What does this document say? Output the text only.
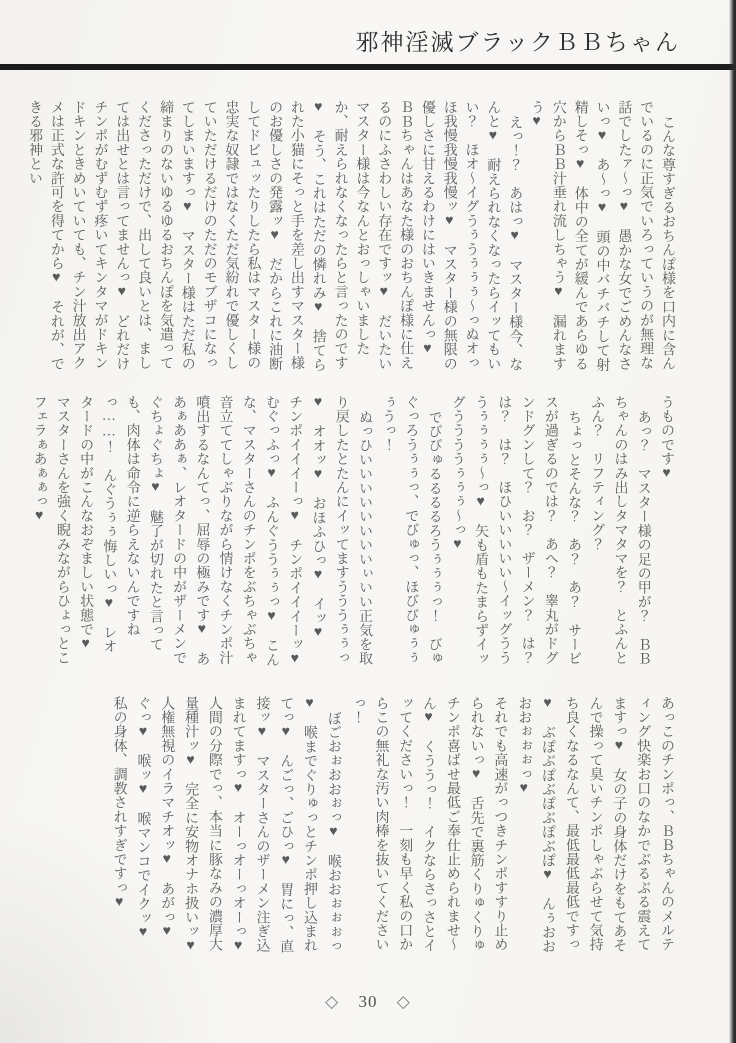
邪神淫滅ブラックＢＢちゃん

こんな尊すぎるおちんぽ様を口内に含んでいるのに正気でいろっていうのが無理な話でしたァ〜っ♥　愚かな女でごめんなさいっ♥　あ〜っ♥　頭の中バチバチして射精しそっ♥　体中の全てが緩んであらゆる穴からＢＢ汁垂れ流しちゃう♥　漏れますう♥

えっ！？　あはっ♥　マスター様今、なんと♥　耐えられなくなったらイッてもいい？　ほオ〜イグうぅうぅぅぅ〜っぬオっほ我慢我慢我慢ッ♥　マスター様の無限の優しさに甘えるわけにはいきませんっ♥　ＢＢちゃんはあなた様のおちんぽ様に仕えるのにふさわしい存在ですッ♥　だいたいマスター様は今なんとおっしゃいましたか、耐えられなくなったらと言ったのです♥　そう、これはただの憐れみ♥　捨てられた小猫にそっと手を差し出すマスター様のお優しさの発露ッ♥　だからこれに油断してドビュッたりしたら私はマスター様の忠実な奴隷ではなくただ気紛れで優しくしていただけるだけのただのモブザコになってしまいますっ♥　マスター様はただ私の締まりのないゆるゆるおちんぽを気遣ってくださっただけで、出して良いとは、ましては出せとは言ってませんっ♥　どれだけチンポがむずむず疼いてキンタマがドキンドキンときめいていても、チン汁放出アクメは正式な許可を得てから♥　それが、できる邪神とい

うものです♥

あっ？　マスター様の足の甲が？　ＢＢちゃんのはみ出しタマタマを？　とふんとふん？　リフティング？

ちょっとそんな？　あ？　あ？　サービスが過ぎるのでは？　あへ？　睾丸がドグンドグンして？　お？　ザーメン？　は？　は？　は？　ほひいいいいい〜イッグうううぅぅぅぅ〜っ♥　矢も盾もたまらずイッグううううぅぅぅ〜っ♥

でびびゅるるるるろうぅぅぅっ！　びゅぐっろうぅぅっ、でびゅっ、ほびびゅぅぅぅうっ！

ぬっひいいいいいいいいぃいい正気を取り戻したとたんにイッてますうううぅぅっ♥　オオッ♥　おほふひっ♥　イッ♥　チンポイイイーっ♥　チンポイイイーッ♥　むぐっふっ♥　ふんぐううぅぅっ♥　こんな、マスターさんのチンポをぶちゃぶちゃ音立ててしゃぶりながら情けなくチンポ汁噴出するなんてっ、屈辱の極みです♥　ああぁああぁ、レオタードの中がザーメンでぐちょぐちょ♥　魅了が切れたと言っても、肉体は命令に逆らえないんですねっ……！　んぐうぅぅ悔しいっ♥　レオタードの中がこんなおぞましい状態で♥　マスターさんを強く睨みながらひょっとこフェラぁあぁぁっ♥

あっこのチンポっ、ＢＢちゃんのメルティング快楽お口のなかでぶるぶる震えてますっ♥　女の子の身体だけをもてあそんで操って臭いチンポしゃぶらせて気持ち良くなるなんて、最低最低最低ですっ♥　ぶぽぶぽぶぽぶぽぶぽ♥　んぅおおおおぉぉぉっ♥

それでも高速がっつきチンポすすり止められないっ♥　舌先で裏筋くりゅくりゅチンポ喜ばせ最低ご奉仕止められませ〜ん♥　くううっ！　イクならさっさとイッてくださいっ！　一刻も早く私の口からこの無礼な汚い肉棒を抜いてくださいっ！

ぼごおぉおおぉっ♥　喉おおぉぉぉっ♥　喉までぐりゅっとチンポ押し込まれてっ♥　んごっ、ごひっ♥　胃にっ、直接ッ♥　マスターさんのザーメン注ぎ込まれてますっ♥　オーっオーっオーっ♥　人間の分際でっ、本当に豚なみの濃厚大量種汁ッ♥　完全に安物オナホ扱いッ♥　人権無視のイラマチオッ♥　あがっ♥　ぐっ♥　喉ッ♥　喉マンコでイクッ♥　私の身体、調教されすぎですっ♥

◇ 30 ◇
